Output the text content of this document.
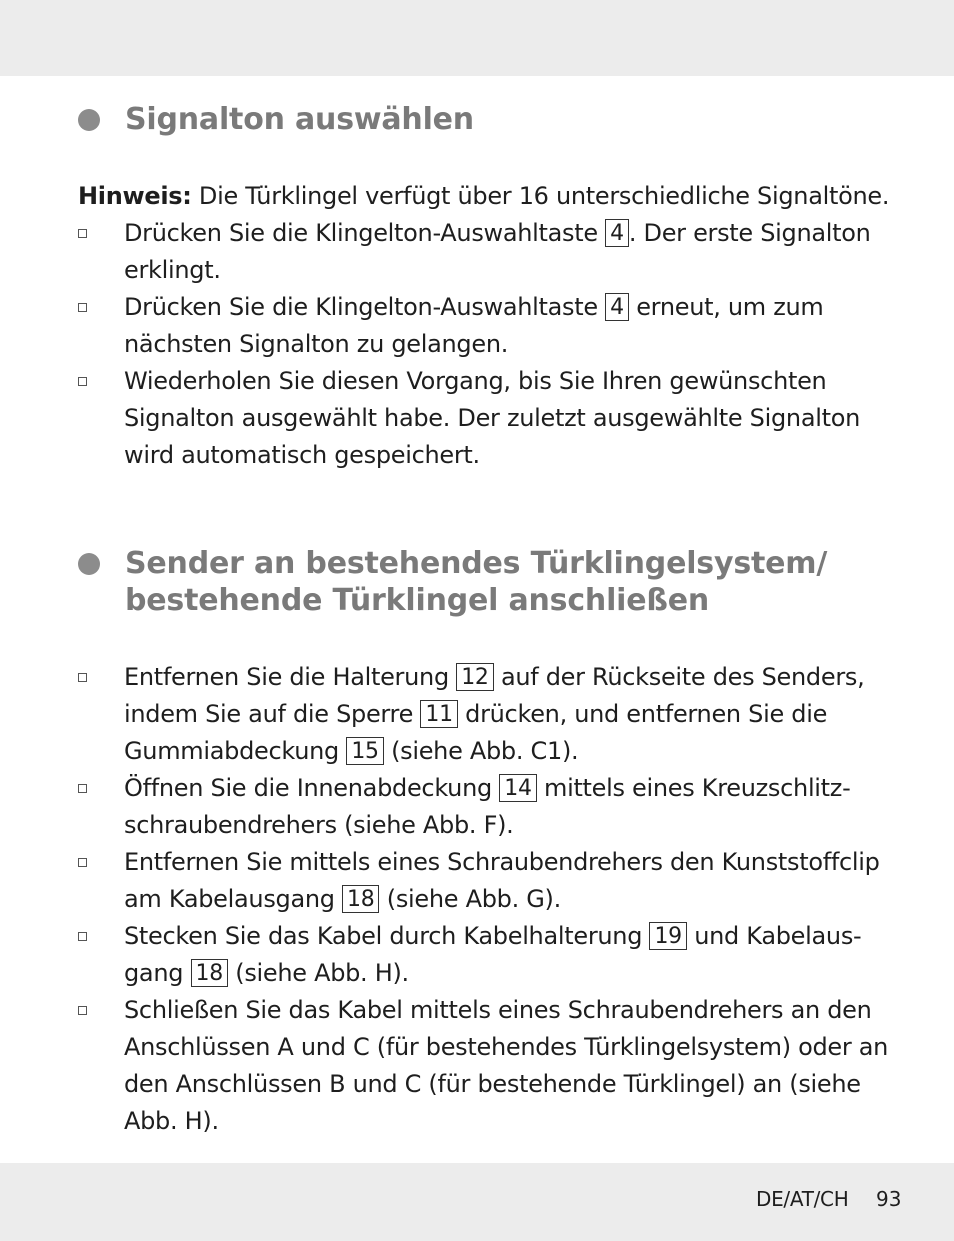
Signalton auswählen
Hinweis: Die Türklingel verfügt über 16 unterschiedliche Signaltöne.
Drücken Sie die Klingelton-Auswahltaste 4 . Der erste Signalton
erklingt.
Drücken Sie die Klingelton-Auswahltaste 4 erneut, um zum
nächsten Signalton zu gelangen.
Wiederholen Sie diesen Vorgang, bis Sie Ihren gewünschten
Signalton ausgewählt habe. Der zuletzt ausgewählte Signalton
wird automatisch gespeichert.
Sender an bestehendes Türklingelsystem/
bestehende Türklingel anschließen
Entfernen Sie die Halterung 12 auf der Rückseite des Senders,
indem Sie auf die Sperre 11 drücken, und entfernen Sie die
Gummiabdeckung 15 (siehe Abb. C1).
Öffnen Sie die Innenabdeckung 14 mittels eines Kreuzschlitz-
schraubendrehers (siehe Abb. F).
Entfernen Sie mittels eines Schraubendrehers den Kunststoffclip
am Kabelausgang 18 (siehe Abb. G).
Stecken Sie das Kabel durch Kabelhalterung 19 und Kabelaus-
gang 18 (siehe Abb. H).
Schließen Sie das Kabel mittels eines Schraubendrehers an den
Anschlüssen A und C (für bestehendes Türklingelsystem) oder an
den Anschlüssen B und C (für bestehende Türklingel) an (siehe
Abb. H).
DE/AT/CH 93
